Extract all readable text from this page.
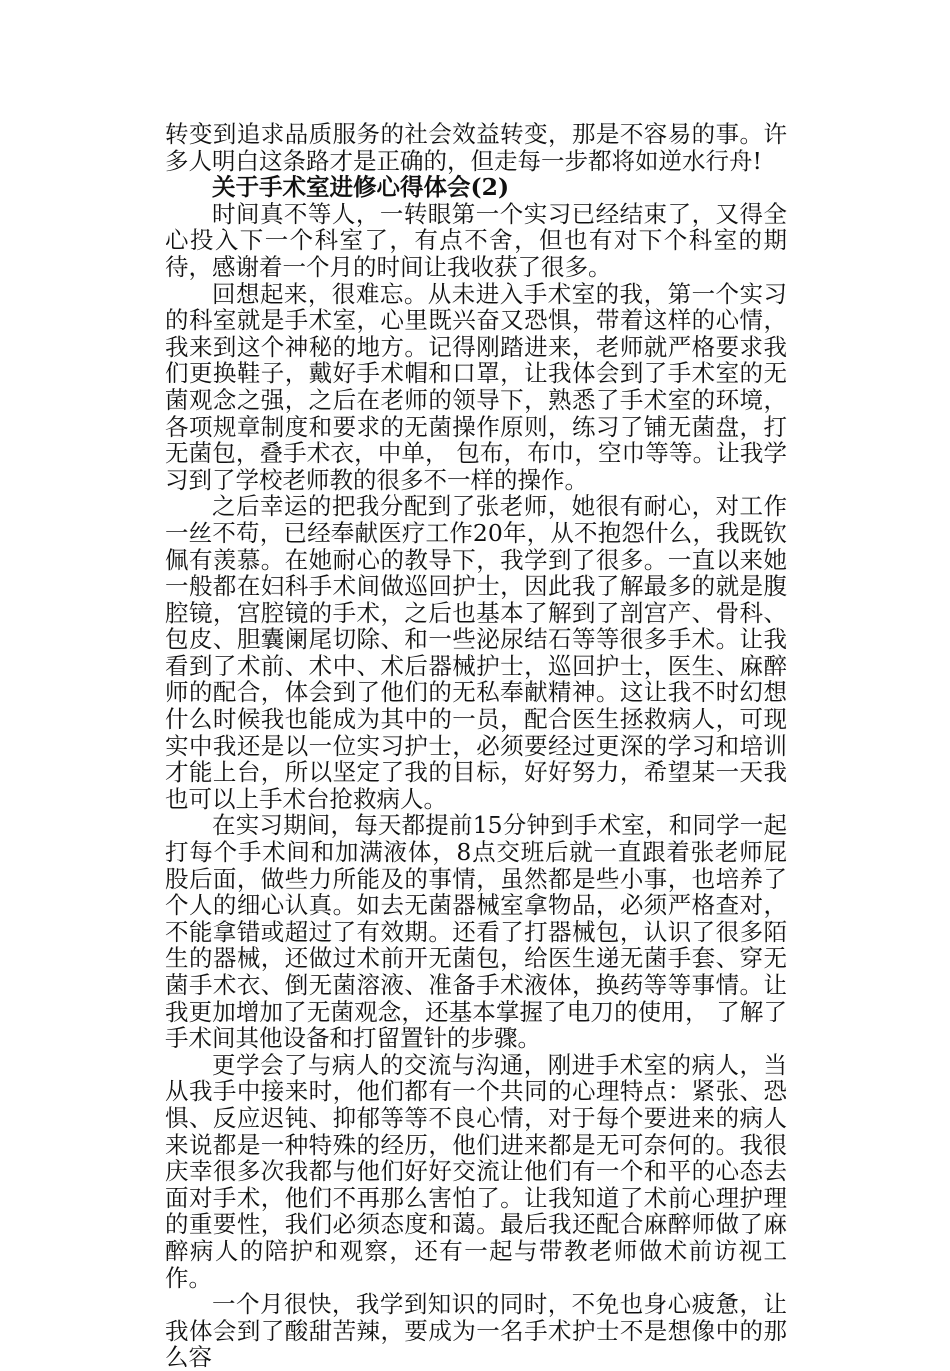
转变到追求品质服务的社会效益转变，那是不容易的事。许多人明白这条路才是正确的，但走每一步都将如逆水行舟!

关于手术室进修心得体会(2)

时间真不等人，一转眼第一个实习已经结束了，又得全心投入下一个科室了，有点不舍，但也有对下个科室的期待，感谢着一个月的时间让我收获了很多。

回想起来，很难忘。从未进入手术室的我，第一个实习的科室就是手术室，心里既兴奋又恐惧，带着这样的心情，我来到这个神秘的地方。记得刚踏进来，老师就严格要求我们更换鞋子，戴好手术帽和口罩，让我体会到了手术室的无菌观念之强，之后在老师的领导下，熟悉了手术室的环境，各项规章制度和要求的无菌操作原则，练习了铺无菌盘，打无菌包，叠手术衣，中单， 包布，布巾，空巾等等。让我学习到了学校老师教的很多不一样的操作。

之后幸运的把我分配到了张老师，她很有耐心，对工作一丝不苟，已经奉献医疗工作20年，从不抱怨什么，我既钦佩有羡慕。在她耐心的教导下，我学到了很多。一直以来她一般都在妇科手术间做巡回护士，因此我了解最多的就是腹腔镜，宫腔镜的手术，之后也基本了解到了剖宫产、骨科、包皮、胆囊阑尾切除、和一些泌尿结石等等很多手术。让我看到了术前、术中、术后器械护士，巡回护士，医生、麻醉师的配合，体会到了他们的无私奉献精神。这让我不时幻想什么时候我也能成为其中的一员，配合医生拯救病人，可现实中我还是以一位实习护士，必须要经过更深的学习和培训才能上台，所以坚定了我的目标，好好努力，希望某一天我也可以上手术台抢救病人。

在实习期间，每天都提前15分钟到手术室，和同学一起打每个手术间和加满液体，8点交班后就一直跟着张老师屁股后面，做些力所能及的事情，虽然都是些小事，也培养了个人的细心认真。如去无菌器械室拿物品，必须严格查对，不能拿错或超过了有效期。还看了打器械包，认识了很多陌生的器械，还做过术前开无菌包，给医生递无菌手套、穿无菌手术衣、倒无菌溶液、准备手术液体，换药等等事情。让我更加增加了无菌观念，还基本掌握了电刀的使用， 了解了手术间其他设备和打留置针的步骤。

更学会了与病人的交流与沟通，刚进手术室的病人，当从我手中接来时，他们都有一个共同的心理特点：紧张、恐惧、反应迟钝、抑郁等等不良心情，对于每个要进来的病人来说都是一种特殊的经历，他们进来都是无可奈何的。我很庆幸很多次我都与他们好好交流让他们有一个和平的心态去面对手术，他们不再那么害怕了。让我知道了术前心理护理的重要性，我们必须态度和蔼。最后我还配合麻醉师做了麻醉病人的陪护和观察，还有一起与带教老师做术前访视工作。

一个月很快，我学到知识的同时，不免也身心疲惫，让我体会到了酸甜苦辣，要成为一名手术护士不是想像中的那么容
